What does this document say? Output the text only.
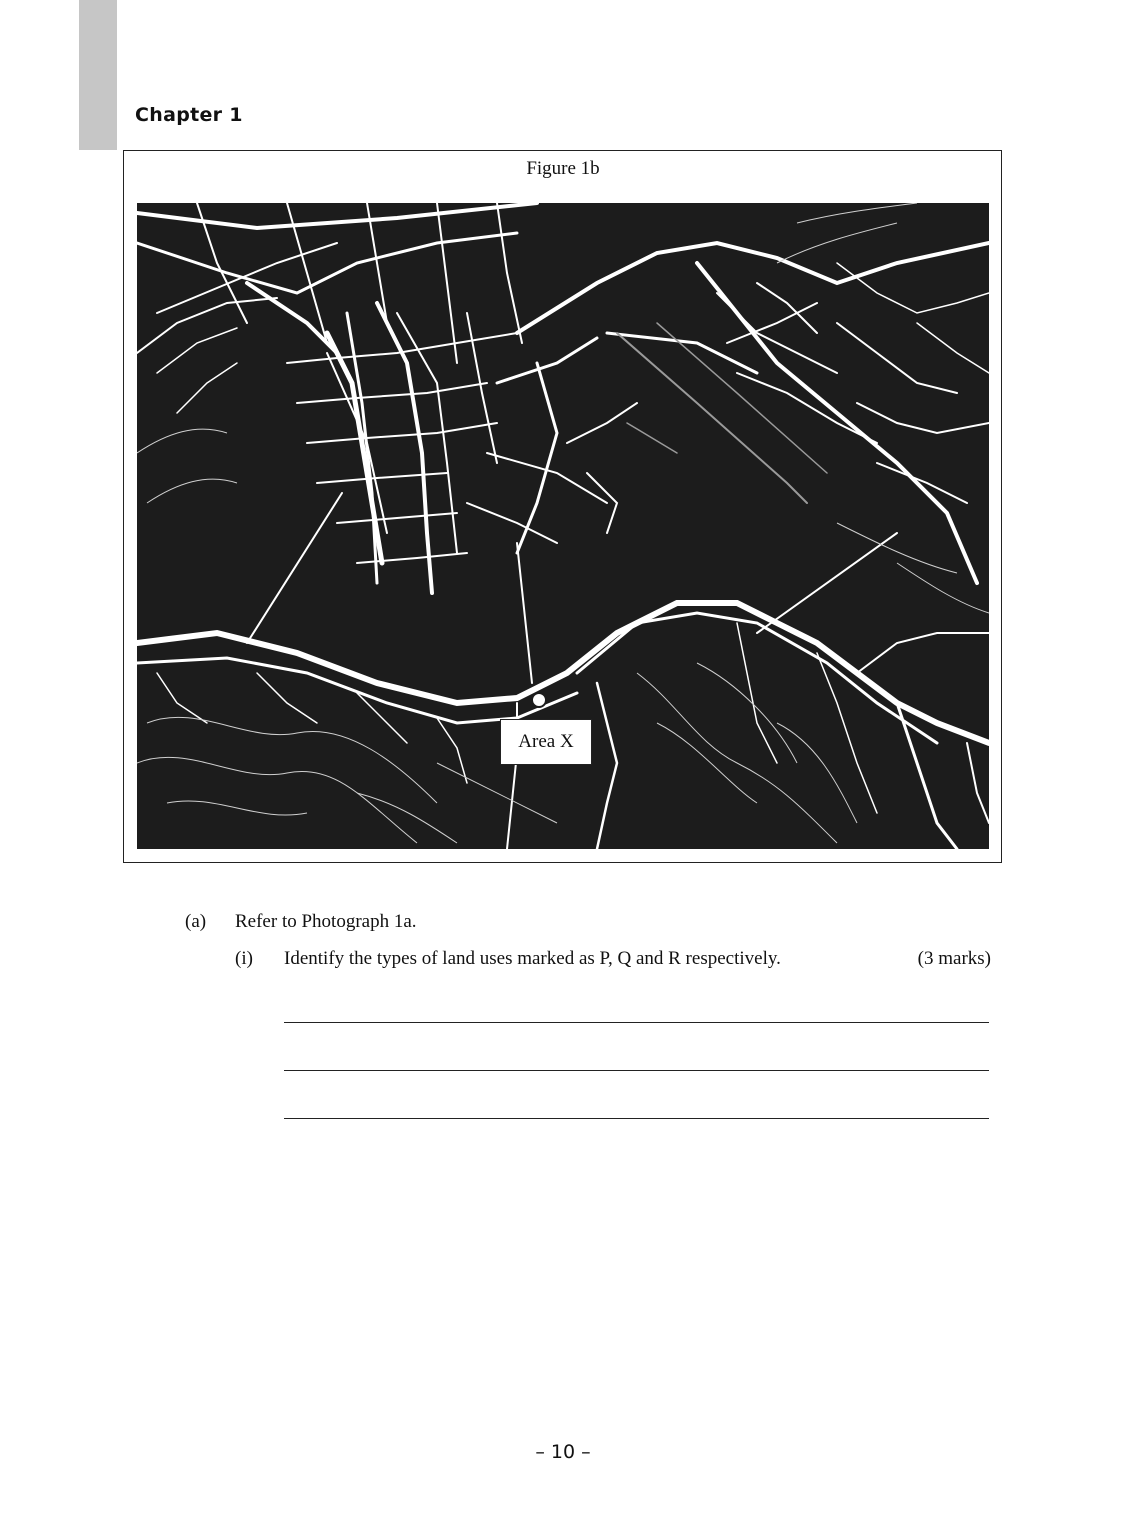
Chapter 1
Figure 1b
Area X
(a) Refer to Photograph 1a.
(i) Identify the types of land uses marked as P, Q and R respectively.	(3 marks)
– 10 –
